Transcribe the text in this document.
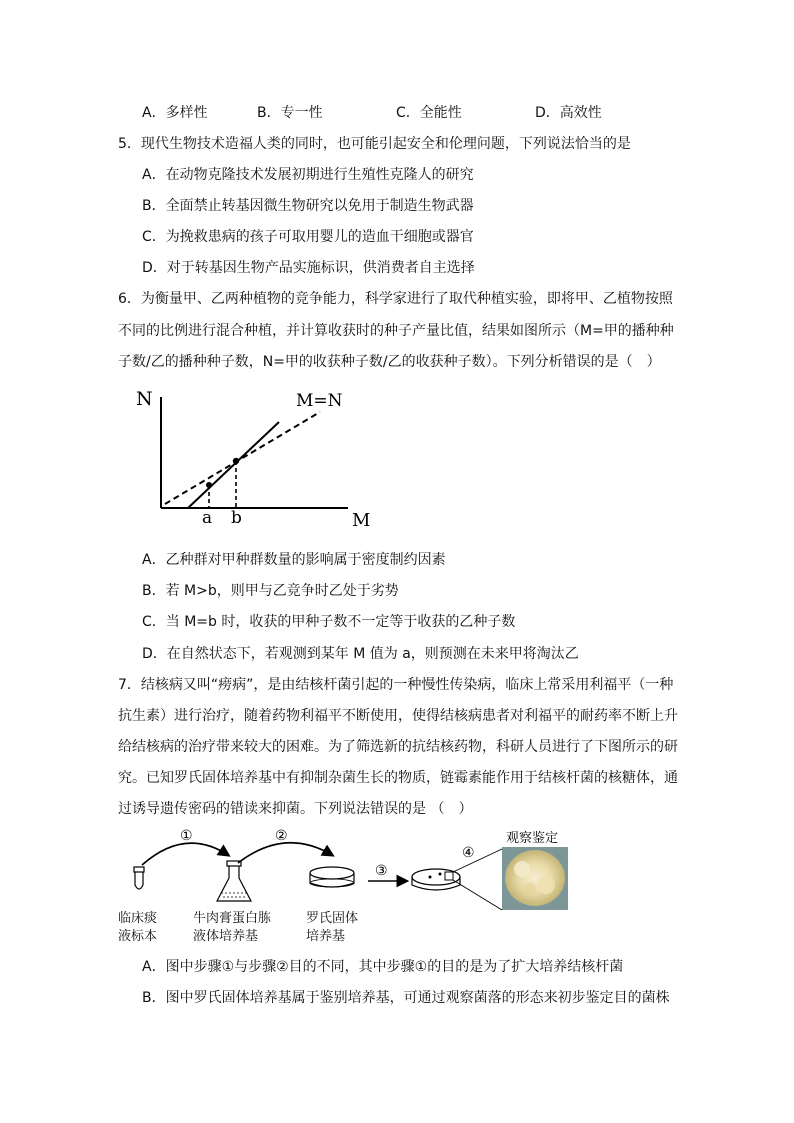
A．多样性	B．专一性	C．全能性	D．高效性
5．现代生物技术造福人类的同时，也可能引起安全和伦理问题，下列说法恰当的是
A．在动物克隆技术发展初期进行生殖性克隆人的研究
B．全面禁止转基因微生物研究以免用于制造生物武器
C．为挽救患病的孩子可取用婴儿的造血干细胞或器官
D．对于转基因生物产品实施标识，供消费者自主选择
6．为衡量甲、乙两种植物的竞争能力，科学家进行了取代种植实验，即将甲、乙植物按照
不同的比例进行混合种植，并计算收获时的种子产量比值，结果如图所示（M=甲的播种种
子数/乙的播种种子数，N=甲的收获种子数/乙的收获种子数）。下列分析错误的是（　）
N
M
M=N
a b
A．乙种群对甲种群数量的影响属于密度制约因素
B．若 M>b，则甲与乙竞争时乙处于劣势
C．当 M=b 时，收获的甲种子数不一定等于收获的乙种子数
D．在自然状态下，若观测到某年 M 值为 a，则预测在未来甲将淘汰乙
7．结核病又叫“痨病”，是由结核杆菌引起的一种慢性传染病，临床上常采用利福平（一种
抗生素）进行治疗，随着药物利福平不断使用，使得结核病患者对利福平的耐药率不断上升
给结核病的治疗带来较大的困难。为了筛选新的抗结核药物，科研人员进行了下图所示的研
究。已知罗氏固体培养基中有抑制杂菌生长的物质，链霉素能作用于结核杆菌的核糖体，通
过诱导遗传密码的错读来抑菌。下列说法错误的是 （　）
①	②
③
④
观察鉴定
临床痰
液标本
牛肉膏蛋白胨
液体培养基
罗氏固体
培养基
A．图中步骤①与步骤②目的不同，其中步骤①的目的是为了扩大培养结核杆菌
B．图中罗氏固体培养基属于鉴别培养基，可通过观察菌落的形态来初步鉴定目的菌株
